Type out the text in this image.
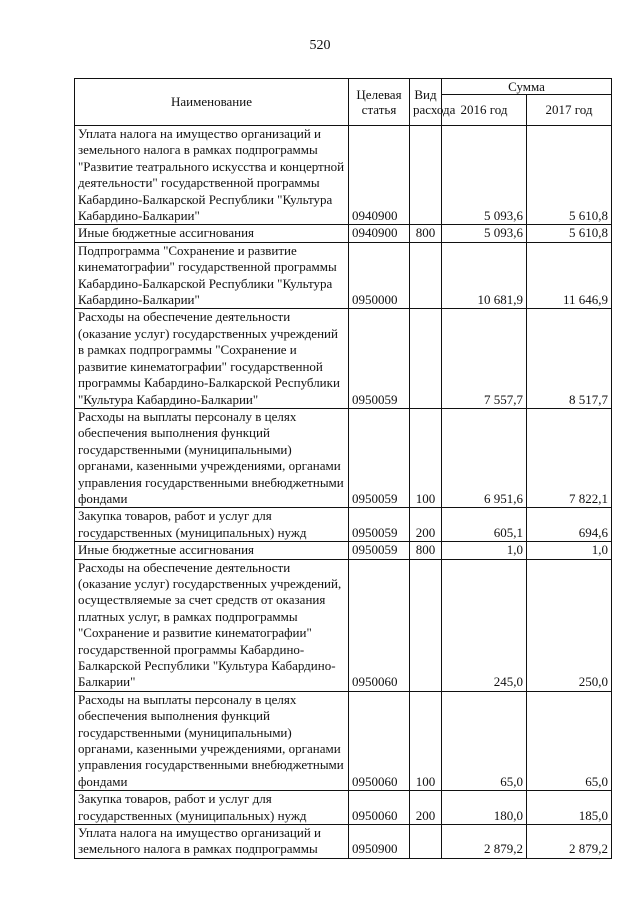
520
Наименование	Целевая статья	Вид расхода	Сумма	
			2016 год	2017 год
Уплата налога на имущество организаций и земельного налога в рамках подпрограммы "Развитие театрального искусства и концертной деятельности" государственной программы Кабардино-Балкарской Республики "Культура Кабардино-Балкарии"	0940900		5 093,6	5 610,8
Иные бюджетные ассигнования	0940900	800	5 093,6	5 610,8
Подпрограмма "Сохранение и развитие кинематографии" государственной программы Кабардино-Балкарской Республики "Культура Кабардино-Балкарии"	0950000		10 681,9	11 646,9
Расходы на обеспечение деятельности (оказание услуг) государственных учреждений в рамках подпрограммы "Сохранение и развитие кинематографии" государственной программы Кабардино-Балкарской Республики "Культура Кабардино-Балкарии"	0950059		7 557,7	8 517,7
Расходы на выплаты персоналу в целях обеспечения выполнения функций государственными (муниципальными) органами, казенными учреждениями, органами управления государственными внебюджетными фондами	0950059	100	6 951,6	7 822,1
Закупка товаров, работ и услуг для государственных (муниципальных) нужд	0950059	200	605,1	694,6
Иные бюджетные ассигнования	0950059	800	1,0	1,0
Расходы на обеспечение деятельности (оказание услуг) государственных учреждений, осуществляемые за счет средств от оказания платных услуг, в рамках подпрограммы "Сохранение и развитие кинематографии" государственной программы Кабардино-Балкарской Республики "Культура Кабардино-Балкарии"	0950060		245,0	250,0
Расходы на выплаты персоналу в целях обеспечения выполнения функций государственными (муниципальными) органами, казенными учреждениями, органами управления государственными внебюджетными фондами	0950060	100	65,0	65,0
Закупка товаров, работ и услуг для государственных (муниципальных) нужд	0950060	200	180,0	185,0
Уплата налога на имущество организаций и земельного налога в рамках подпрограммы	0950900		2 879,2	2 879,2
